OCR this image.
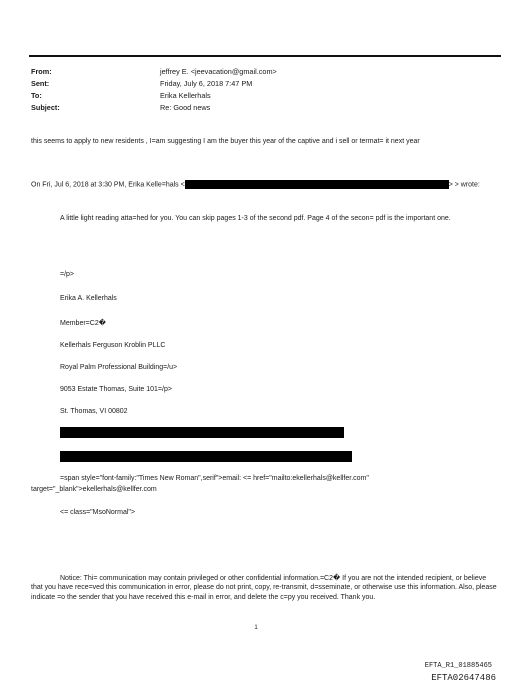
From:	jeffrey E. <jeevacation@gmail.com>
Sent:	Friday, July 6, 2018 7:47 PM
To:	Erika Kellerhals
Subject:	Re: Good news
this seems to apply to new residents , I=am suggesting I am the buyer this year of the captive and i sell or termat= it next year
On Fri, Jul 6, 2018 at 3:30 PM, Erika Kelle=hals <	> > wrote:
A little light reading atta=hed for you. You can skip pages 1-3 of the second pdf. Page 4 of the secon= pdf is the important one.
=/p>
Erika A. Kellerhals
Member=C2�
Kellerhals Ferguson Kroblin PLLC
Royal Palm Professional Building=/u>
9053 Estate Thomas, Suite 101=/p>
St. Thomas, VI 00802
=span style="font-family:"Times New Roman",serif">email: <= href="mailto:ekellerhals@kellfer.com"
target="_blank">ekellerhals@kellfer.com
<= class="MsoNormal">
Notice: Thi= communication may contain privileged or other confidential information.=C2� If you are not the intended recipient, or believe that you have rece=ved this communication in error, please do not print, copy, re-transmit, d=sseminate, or otherwise use this information. Also, please indicate =o the sender that you have received this e-mail in error, and delete the c=py you received. Thank you.
1
EFTA_R1_01885465
EFTA02647486
